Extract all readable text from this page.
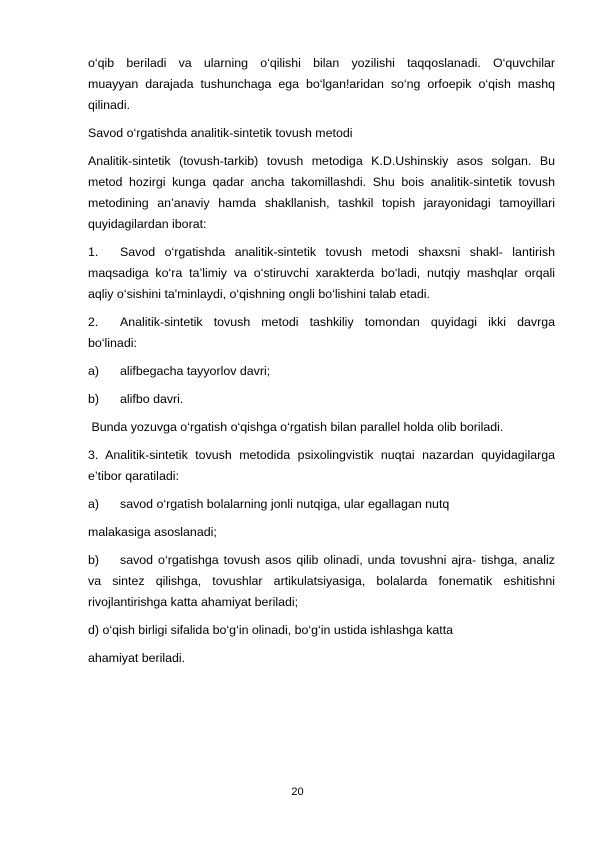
o‘qib beriladi va ularning o‘qilishi bilan yozilishi taqqoslanadi. O‘quvchilar
muayyan darajada tushunchaga ega bo‘lgan!aridan so‘ng orfoepik o‘qish mashq
qilinadi.
Savod o‘rgatishda analitik-sintetik tovush metodi
Analitik-sintetik (tovush-tarkib) tovush metodiga K.D.Ushinskiy asos solgan. Bu
metod hozirgi kunga qadar ancha takomillashdi. Shu bois analitik-sintetik tovush
metodining an’anaviy hamda shakllanish, tashkil topish jarayonidagi tamoyillari
quyidagilardan iborat:
1. Savod o‘rgatishda analitik-sintetik tovush metodi shaxsni shakl- lantirish
maqsadiga ko‘ra ta’limiy va o‘stiruvchi xarakterda bo‘ladi, nutqiy mashqlar orqali
aqliy o‘sishini ta'minlaydi, o‘qishning ongli bo‘lishini talab etadi.
2. Analitik-sintetik tovush metodi tashkiliy tomondan quyidagi ikki davrga
bo‘linadi:
a) alifbegacha tayyorlov davri;
b) alifbo davri.
Bunda yozuvga o‘rgatish o‘qishga o‘rgatish bilan parallel holda olib boriladi.
3. Analitik-sintetik tovush metodida psixolingvistik nuqtai nazardan quyidagilarga
e’tibor qaratiladi:
a) savod o‘rgatish bolalarning jonli nutqiga, ular egallagan nutq
malakasiga asoslanadi;
b) savod o‘rgatishga tovush asos qilib olinadi, unda tovushni ajra- tishga, analiz
va sintez qilishga, tovushlar artikulatsiyasiga, bolalarda fonematik eshitishni
rivojlantirishga katta ahamiyat beriladi;
d) o‘qish birligi sifalida bo‘g‘in olinadi, bo‘g‘in ustida ishlashga katta
ahamiyat beriladi.
20
